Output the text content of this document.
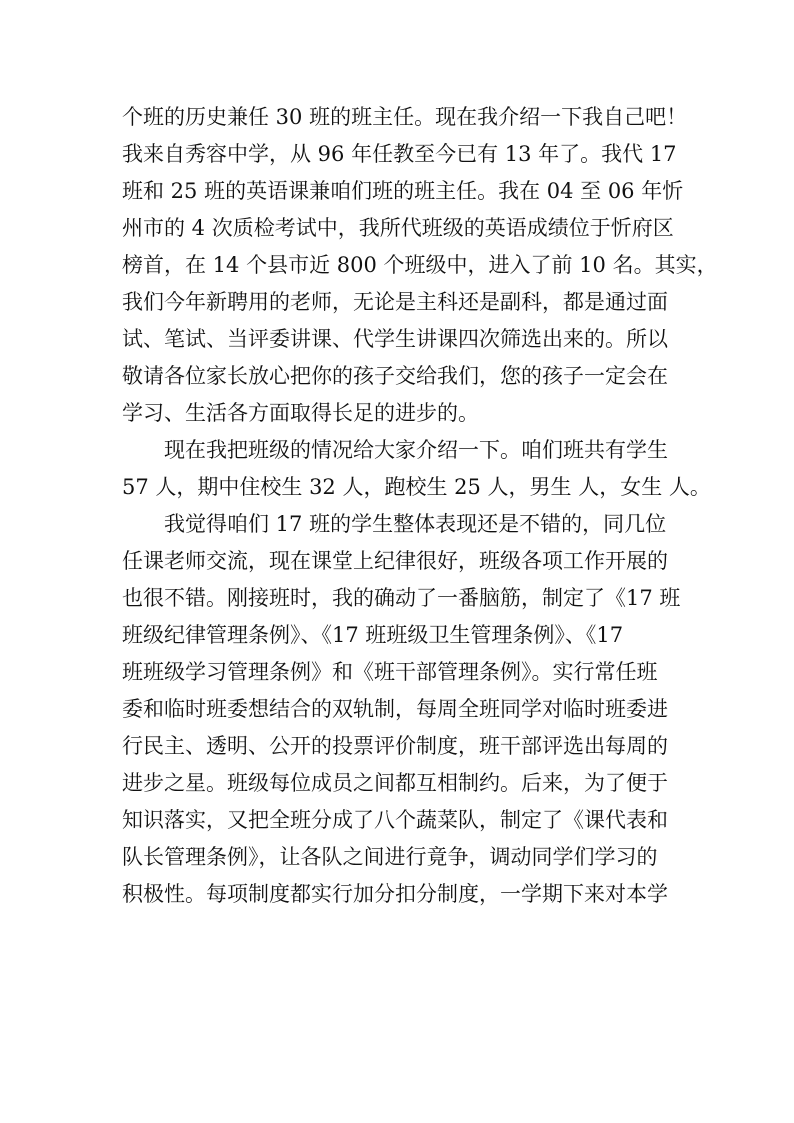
个班的历史兼任 30 班的班主任。现在我介绍一下我自己吧！
我来自秀容中学，从 96 年任教至今已有 13 年了。我代 17
班和 25 班的英语课兼咱们班的班主任。我在 04 至 06 年忻
州市的 4 次质检考试中，我所代班级的英语成绩位于忻府区
榜首，在 14 个县市近 800 个班级中，进入了前 10 名。其实，
我们今年新聘用的老师，无论是主科还是副科，都是通过面
试、笔试、当评委讲课、代学生讲课四次筛选出来的。所以
敬请各位家长放心把你的孩子交给我们，您的孩子一定会在
学习、生活各方面取得长足的进步的。
现在我把班级的情况给大家介绍一下。咱们班共有学生
57 人，期中住校生 32 人，跑校生 25 人，男生 人，女生 人。
我觉得咱们 17 班的学生整体表现还是不错的，同几位
任课老师交流，现在课堂上纪律很好，班级各项工作开展的
也很不错。刚接班时，我的确动了一番脑筋，制定了《17 班
班级纪律管理条例》、《17 班班级卫生管理条例》、《17
班班级学习管理条例》和《班干部管理条例》。实行常任班
委和临时班委想结合的双轨制，每周全班同学对临时班委进
行民主、透明、公开的投票评价制度，班干部评选出每周的
进步之星。班级每位成员之间都互相制约。后来，为了便于
知识落实，又把全班分成了八个蔬菜队，制定了《课代表和
队长管理条例》，让各队之间进行竟争，调动同学们学习的
积极性。每项制度都实行加分扣分制度，一学期下来对本学
